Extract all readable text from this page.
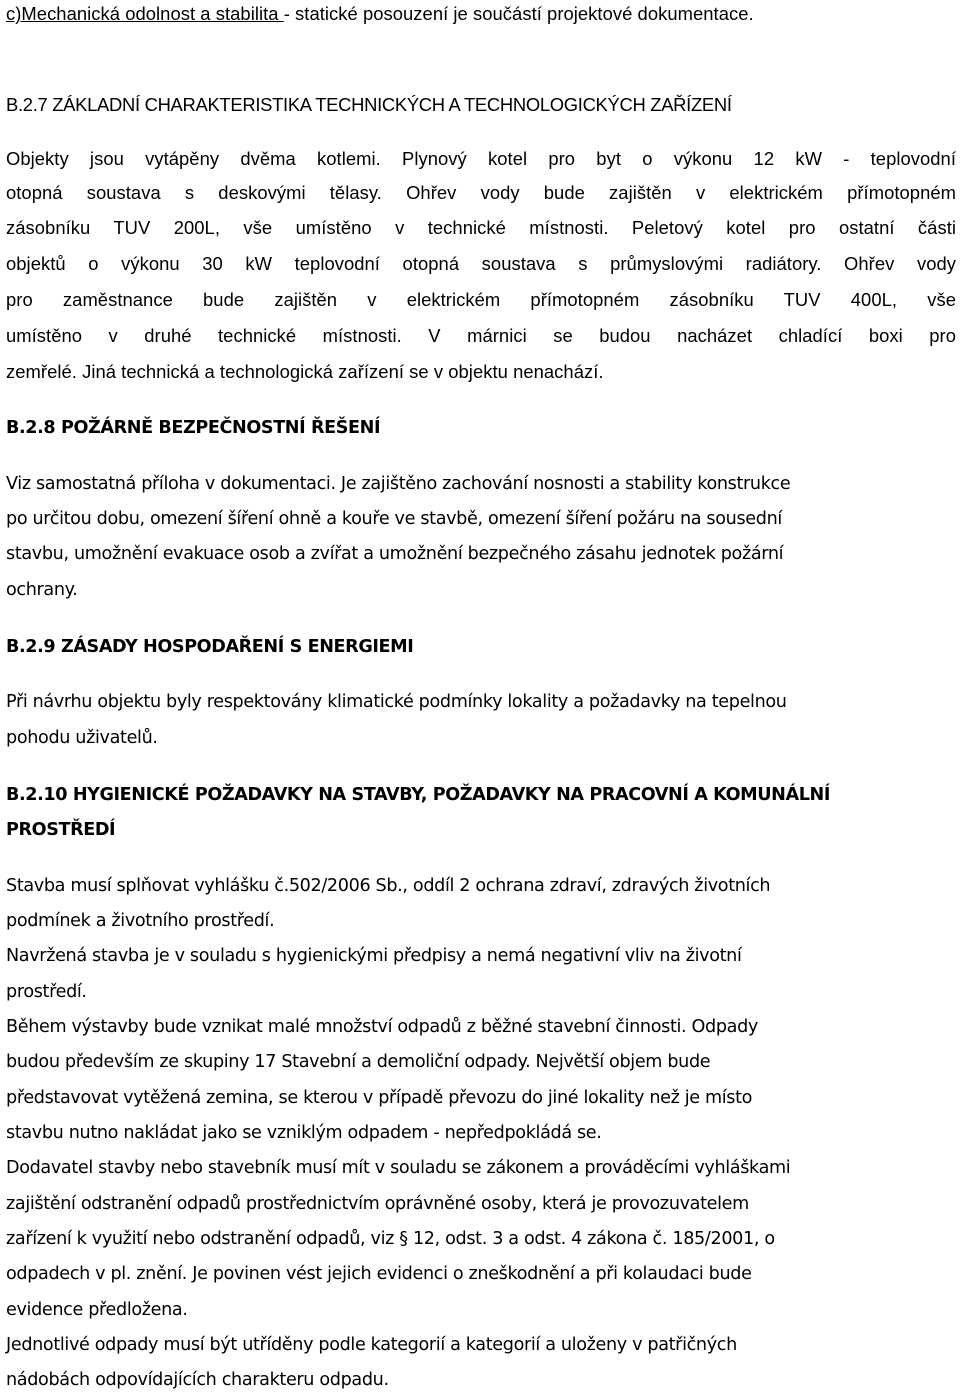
c)Mechanická odolnost a stabilita - statické posouzení je součástí projektové dokumentace.
B.2.7 ZÁKLADNÍ CHARAKTERISTIKA TECHNICKÝCH A TECHNOLOGICKÝCH ZAŘÍZENÍ
Objekty jsou vytápěny dvěma kotlemi. Plynový kotel pro byt o výkonu 12 kW - teplovodní
otopná soustava s deskovými tělasy. Ohřev vody bude zajištěn v elektrickém přímotopném
zásobníku TUV 200L, vše umístěno v technické místnosti. Peletový kotel pro ostatní části
objektů o výkonu 30 kW teplovodní otopná soustava s průmyslovými radiátory. Ohřev vody
pro zaměstnance bude zajištěn v elektrickém přímotopném zásobníku TUV 400L, vše
umístěno v druhé technické místnosti. V márnici se budou nacházet chladící boxi pro
zemřelé. Jiná technická a technologická zařízení se v objektu nenachází.
B.2.8 POŽÁRNĚ BEZPEČNOSTNÍ ŘEŠENÍ
Viz samostatná příloha v dokumentaci. Je zajištěno zachování nosnosti a stability konstrukce
po určitou dobu, omezení šíření ohně a kouře ve stavbě, omezení šíření požáru na sousední
stavbu, umožnění evakuace osob a zvířat a umožnění bezpečného zásahu jednotek požární
ochrany.
B.2.9 ZÁSADY HOSPODAŘENÍ S ENERGIEMI
Při návrhu objektu byly respektovány klimatické podmínky lokality a požadavky na tepelnou
pohodu uživatelů.
B.2.10 HYGIENICKÉ POŽADAVKY NA STAVBY, POŽADAVKY NA PRACOVNÍ A KOMUNÁLNÍ
PROSTŘEDÍ
Stavba musí splňovat vyhlášku č.502/2006 Sb., oddíl 2 ochrana zdraví, zdravých životních
podmínek a životního prostředí.
Navržená stavba je v souladu s hygienickými předpisy a nemá negativní vliv na životní
prostředí.
Během výstavby bude vznikat malé množství odpadů z běžné stavební činnosti. Odpady
budou především ze skupiny 17 Stavební a demoliční odpady. Největší objem bude
představovat vytěžená zemina, se kterou v případě převozu do jiné lokality než je místo
stavbu nutno nakládat jako se vzniklým odpadem - nepředpokládá se.
Dodavatel stavby nebo stavebník musí mít v souladu se zákonem a prováděcími vyhláškami
zajištění odstranění odpadů prostřednictvím oprávněné osoby, která je provozuvatelem
zařízení k využití nebo odstranění odpadů, viz § 12, odst. 3 a odst. 4 zákona č. 185/2001, o
odpadech v pl. znění. Je povinen vést jejich evidenci o zneškodnění a při kolaudaci bude
evidence předložena.
Jednotlivé odpady musí být utříděny podle kategorií a kategorií a uloženy v patřičných
nádobách odpovídajících charakteru odpadu.
